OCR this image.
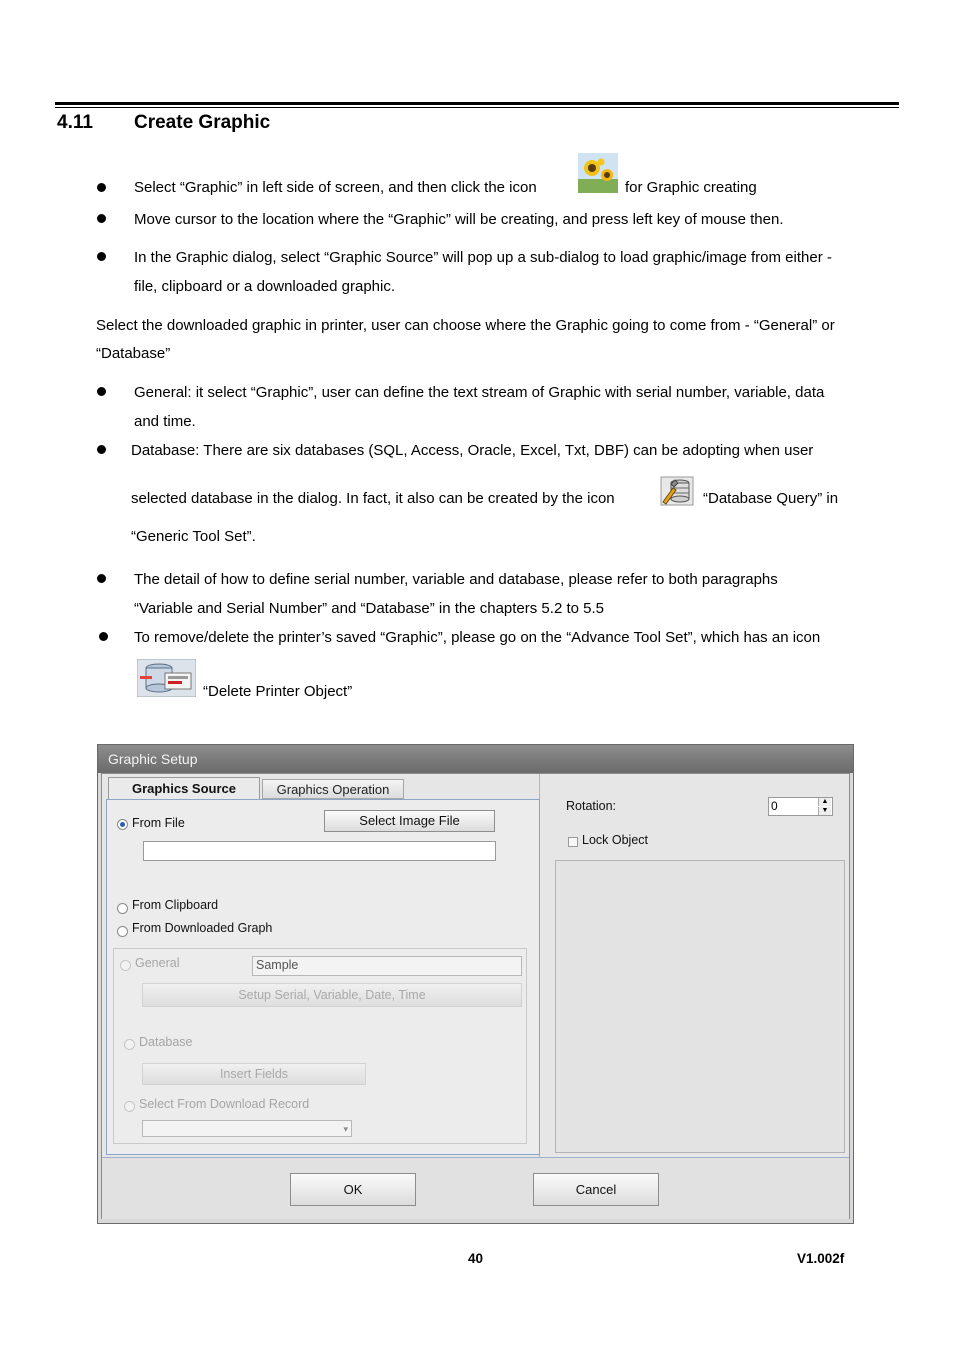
4.11 Create Graphic
Select “Graphic” in left side of screen, and then click the icon	for Graphic creating
Move cursor to the location where the “Graphic” will be creating, and press left key of mouse then.
In the Graphic dialog, select “Graphic Source” will pop up a sub-dialog to load graphic/image from either -
file, clipboard or a downloaded graphic.
Select the downloaded graphic in printer, user can choose where the Graphic going to come from - “General” or
“Database”
General: it select “Graphic”, user can define the text stream of Graphic with serial number, variable, data
and time.
Database: There are six databases (SQL, Access, Oracle, Excel, Txt, DBF) can be adopting when user
selected database in the dialog. In fact, it also can be created by the icon	“Database Query” in
“Generic Tool Set”.
The detail of how to define serial number, variable and database, please refer to both paragraphs
“Variable and Serial Number” and “Database” in the chapters 5.2 to 5.5
To remove/delete the printer’s saved “Graphic”, please go on the “Advance Tool Set”, which has an icon
“Delete Printer Object”
Graphic Setup
Graphics Source	Graphics Operation
From File	Select Image File
From Clipboard
From Downloaded Graph
General	Sample
Setup Serial, Variable, Date, Time
Database
Insert Fields
Select From Download Record
▾
Rotation:	0	▲
▼
Lock Object
OK	Cancel
40	V1.002f
